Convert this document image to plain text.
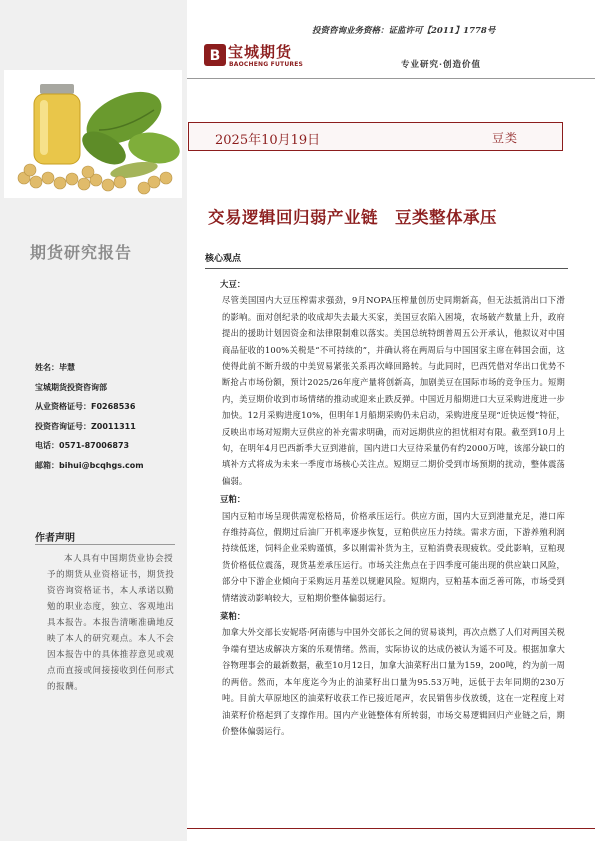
期货研究报告
姓名：毕慧
宝城期货投资咨询部
从业资格证号：F0268536
投资咨询证号：Z0011311
电话：0571-87006873
邮箱：bihui@bcqhgs.com
作者声明
本人具有中国期货业协会授予的期货从业资格证书，期货投资咨询资格证书，本人承诺以勤勉的职业态度，独立、客观地出具本报告。本报告清晰准确地反映了本人的研究观点。本人不会因本报告中的具体推荐意见或观点而直接或间接接收到任何形式的报酬。
投资咨询业务资格：证监许可【2011】1778号
B 宝城期货
BAOCHENG FUTURES	专业研究·创造价值
2025年10月19日	豆类
交易逻辑回归弱产业链　豆类整体承压
核心观点
大豆：
尽管美国国内大豆压榨需求强劲，9月NOPA压榨量创历史同期新高，但无法抵消出口下滑的影响。面对创纪录的收成却失去最大买家，美国豆农陷入困境，农场破产数量上升，政府提出的援助计划因资金和法律限制难以落实。美国总统特朗普周五公开承认，他拟议对中国商品征收的100%关税是“不可持续的”，并确认将在两周后与中国国家主席在韩国会面，这使得此前不断升级的中美贸易紧张关系再次峰回路转。与此同时，巴西凭借对华出口优势不断抢占市场份额，预计2025/26年度产量将创新高，加剧美豆在国际市场的竞争压力。短期内，美豆期价收到市场情绪的推动或迎来止跌反弹。中国近月船期进口大豆采购进度进一步加快。12月采购进度10%，但明年1月船期采购仍未启动，采购进度呈现“近快远慢”特征，反映出市场对短期大豆供应的补充需求明确，而对远期供应的担忧相对有限。截至到10月上旬，在明年4月巴西新季大豆到港前，国内进口大豆待采量仍有约2000万吨，该部分缺口的填补方式将成为未来一季度市场核心关注点。短期豆二期价受到市场预期的扰动，整体震荡偏弱。
豆粕：
国内豆粕市场呈现供需宽松格局，价格承压运行。供应方面，国内大豆到港量充足，港口库存维持高位，假期过后油厂开机率逐步恢复，豆粕供应压力持续。需求方面，下游养殖利润持续低迷，饲料企业采购谨慎，多以刚需补货为主，豆粕消费表现疲软。受此影响，豆粕现货价格低位震荡，现货基差承压运行。市场关注焦点在于四季度可能出现的供应缺口风险，部分中下游企业倾向于采购远月基差以规避风险。短期内，豆粕基本面乏善可陈，市场受到情绪波动影响较大，豆粕期价整体偏弱运行。
菜粕：
加拿大外交部长安妮塔·阿南德与中国外交部长之间的贸易谈判，再次点燃了人们对两国关税争端有望达成解决方案的乐观情绪。然而，实际协议的达成仍被认为遥不可及。根据加拿大谷物理事会的最新数据，截至10月12日，加拿大油菜籽出口量为159，200吨，约为前一周的两倍。然而，本年度迄今为止的油菜籽出口量为95.53万吨，远低于去年同期的230万吨。目前大草原地区的油菜籽收获工作已接近尾声，农民销售步伐放缓，这在一定程度上对油菜籽价格起到了支撑作用。国内产业链整体有所转弱，市场交易逻辑回归产业链之后，期价整体偏弱运行。
